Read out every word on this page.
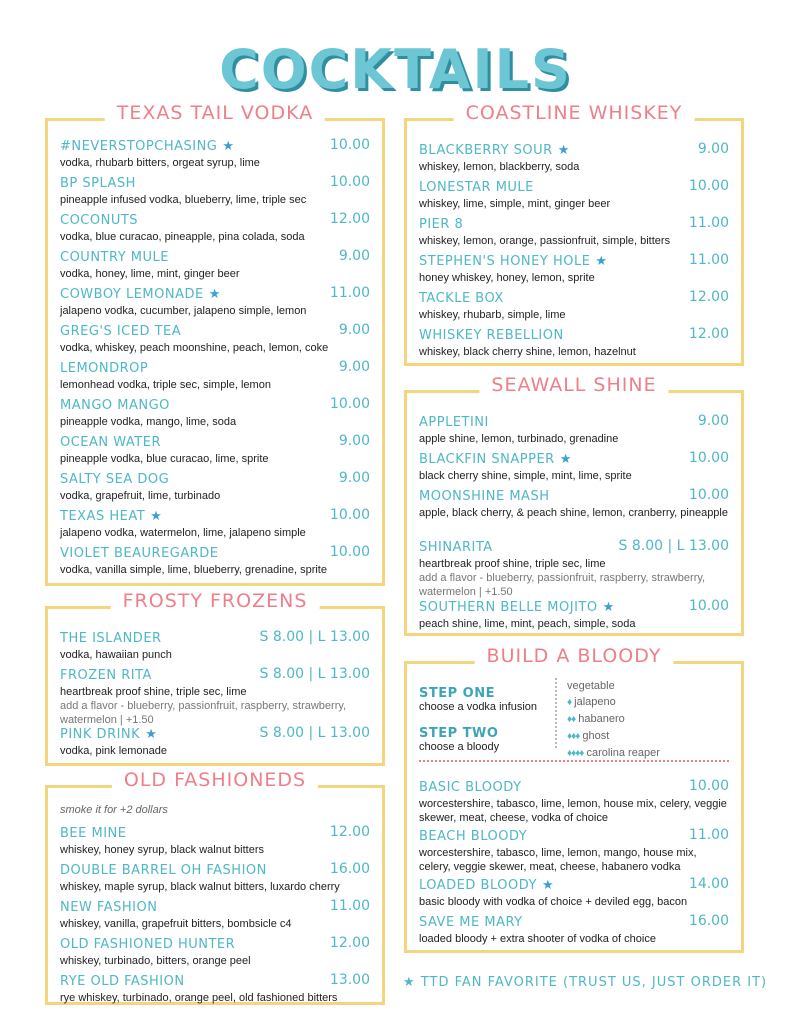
COCKTAILS
TEXAS TAIL VODKA
#NEVERSTOPCHASING ★	10.00
vodka, rhubarb bitters, orgeat syrup, lime
BP SPLASH	10.00
pineapple infused vodka, blueberry, lime, triple sec
COCONUTS	12.00
vodka, blue curacao, pineapple, pina colada, soda
COUNTRY MULE	9.00
vodka, honey, lime, mint, ginger beer
COWBOY LEMONADE ★	11.00
jalapeno vodka, cucumber, jalapeno simple, lemon
GREG'S ICED TEA	9.00
vodka, whiskey, peach moonshine, peach, lemon, coke
LEMONDROP	9.00
lemonhead vodka, triple sec, simple, lemon
MANGO MANGO	10.00
pineapple vodka, mango, lime, soda
OCEAN WATER	9.00
pineapple vodka, blue curacao, lime, sprite
SALTY SEA DOG	9.00
vodka, grapefruit, lime, turbinado
TEXAS HEAT ★	10.00
jalapeno vodka, watermelon, lime, jalapeno simple
VIOLET BEAUREGARDE	10.00
vodka, vanilla simple, lime, blueberry, grenadine, sprite
FROSTY FROZENS
THE ISLANDER	S 8.00 | L 13.00
vodka, hawaiian punch
FROZEN RITA	S 8.00 | L 13.00
heartbreak proof shine, triple sec, lime
add a flavor - blueberry, passionfruit, raspberry, strawberry, watermelon | +1.50
PINK DRINK ★	S 8.00 | L 13.00
vodka, pink lemonade
OLD FASHIONEDS
smoke it for +2 dollars
BEE MINE	12.00
whiskey, honey syrup, black walnut bitters
DOUBLE BARREL OH FASHION	16.00
whiskey, maple syrup, black walnut bitters, luxardo cherry
NEW FASHION	11.00
whiskey, vanilla, grapefruit bitters, bombsicle c4
OLD FASHIONED HUNTER	12.00
whiskey, turbinado, bitters, orange peel
RYE OLD FASHION	13.00
rye whiskey, turbinado, orange peel, old fashioned bitters
COASTLINE WHISKEY
BLACKBERRY SOUR ★	9.00
whiskey, lemon, blackberry, soda
LONESTAR MULE	10.00
whiskey, lime, simple, mint, ginger beer
PIER 8	11.00
whiskey, lemon, orange, passionfruit, simple, bitters
STEPHEN'S HONEY HOLE ★	11.00
honey whiskey, honey, lemon, sprite
TACKLE BOX	12.00
whiskey, rhubarb, simple, lime
WHISKEY REBELLION	12.00
whiskey, black cherry shine, lemon, hazelnut
SEAWALL SHINE
APPLETINI	9.00
apple shine, lemon, turbinado, grenadine
BLACKFIN SNAPPER ★	10.00
black cherry shine, simple, mint, lime, sprite
MOONSHINE MASH	10.00
apple, black cherry, & peach shine, lemon, cranberry, pineapple
SHINARITA	S 8.00 | L 13.00
heartbreak proof shine, triple sec, lime
add a flavor - blueberry, passionfruit, raspberry, strawberry, watermelon | +1.50
SOUTHERN BELLE MOJITO ★	10.00
peach shine, lime, mint, peach, simple, soda
BUILD A BLOODY
STEP ONE
choose a vodka infusion
STEP TWO
choose a bloody
vegetable
♦ jalapeno
♦♦ habanero
♦♦♦ ghost
♦♦♦♦ carolina reaper
BASIC BLOODY	10.00
worcestershire, tabasco, lime, lemon, house mix, celery, veggie skewer, meat, cheese, vodka of choice
BEACH BLOODY	11.00
worcestershire, tabasco, lime, lemon, mango, house mix, celery, veggie skewer, meat, cheese, habanero vodka
LOADED BLOODY ★	14.00
basic bloody with vodka of choice + deviled egg, bacon
SAVE ME MARY	16.00
loaded bloody + extra shooter of vodka of choice
★ TTD FAN FAVORITE (TRUST US, JUST ORDER IT)
